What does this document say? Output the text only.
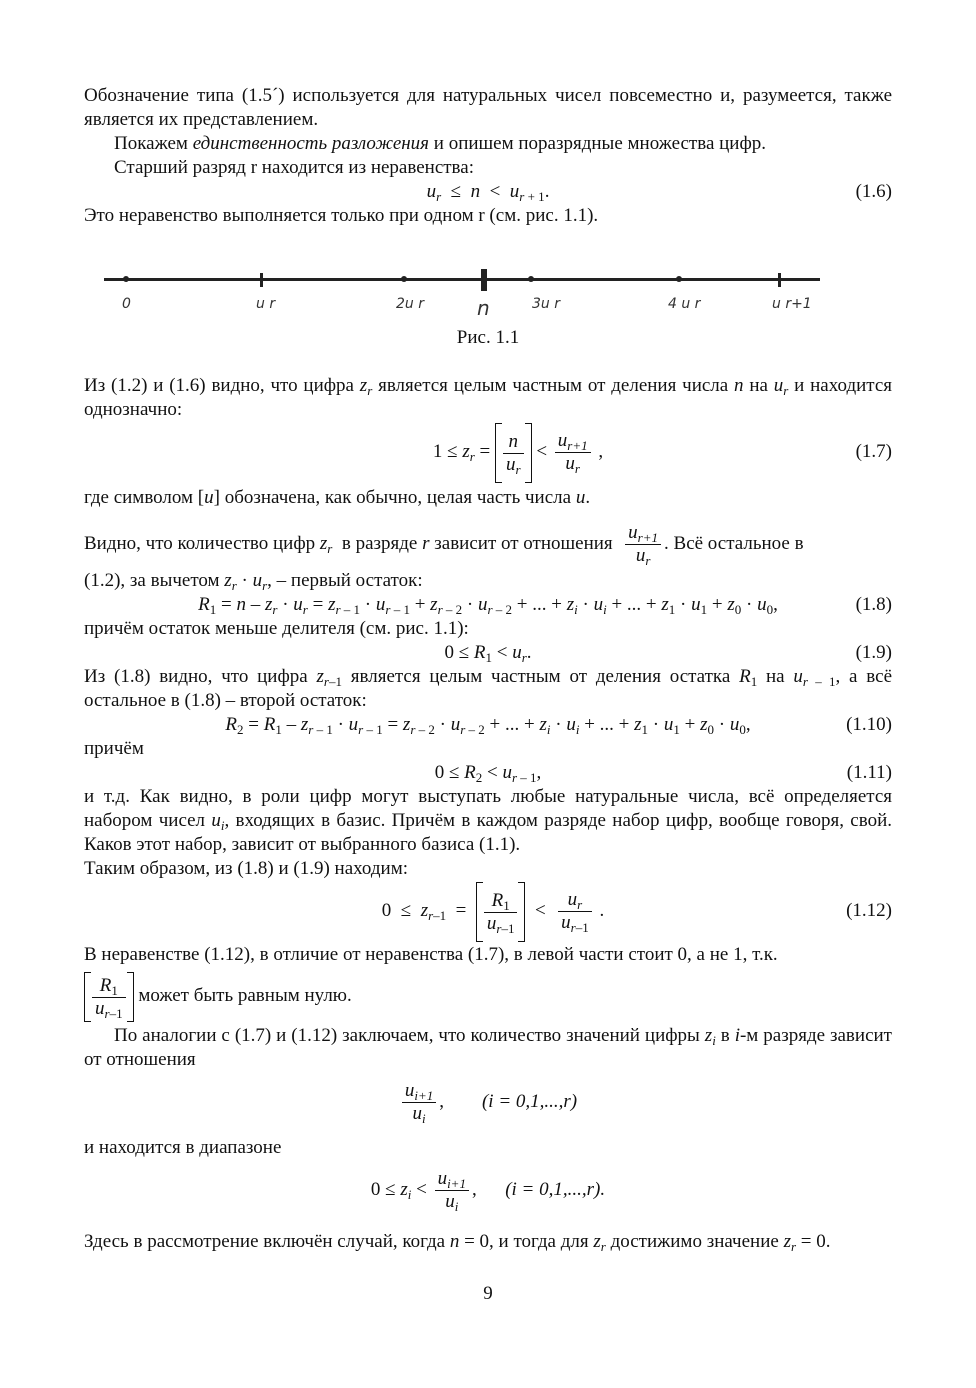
Обозначение типа (1.5´) используется для натуральных чисел повсеместно и, разумеется, также является их представлением.

Покажем единственность разложения и опишем поразрядные множества цифр.

Старший разряд r находится из неравенства:

$u_r \le n < u_{r + 1}$.	(1.6)

Это неравенство выполняется только при одном r (см. рис. 1.1).

0	u r	2u r	n	3u r	4 u r	u r+1
Рис. 1.1

Из (1.2) и (1.6) видно, что цифра $z_r$ является целым частным от деления числа n на $u_r$ и находится однозначно:

$1 \le z_r = \frac{n}{u_r} < \frac{u_{r+1}}{u_r}$ ,	(1.7)

где символом [u] обозначена, как обычно, целая часть числа u.

Видно, что количество цифр $z_r$  в разряде r зависит от отношения $\frac{u_{r+1}}{u_r}$ . Всё остальное в

(1.2), за вычетом $z_r \cdot u_r$, – первый остаток:

$R_1 = n - z_r \cdot u_r = z_r$ $_{- 1} \cdot u_r$ $_{- 1} + z_r$ $_{- 2} \cdot u_r$ $_{- 2}$ + ... + $z_i \cdot u_i$ + ... + $z_1 \cdot u_1 + z_0 \cdot u_0$,	(1.8)

причём остаток меньше делителя (см. рис. 1.1):

$0 \le R_1 < u_r$.	(1.9)

Из (1.8) видно, что цифра $z_{r-1}$ является целым частным от деления остатка $R_1$ на $u_r$ $_{- 1}$, а всё остальное в (1.8) – второй остаток:

$R_2 = R_1 - z_r$ $_{- 1} \cdot u_r$ $_{- 1} = z_r$ $_{- 2} \cdot u_r$ $_{- 2}$ + ... + $z_i \cdot u_i$ + ... + $z_1 \cdot u_1 + z_0 \cdot u_0$,	(1.10)

причём

$0 \le R_2 < u_r$ $_{- 1}$,	(1.11)

и т.д. Как видно, в роли цифр могут выступать любые натуральные числа, всё определяется набором чисел $u_i$, входящих в базис. Причём в каждом разряде набор цифр, вообще говоря, свой. Каков этот набор, зависит от выбранного базиса (1.1).

Таким образом, из (1.8) и (1.9) находим:

$0 \le z_{r-1} = \frac{R_1}{u_{r-1}} < \frac{u_r}{u_{r-1}}$ .	(1.12)

В неравенстве (1.12), в отличие от неравенства (1.7), в левой части стоит 0, а не 1, т.к.

$\frac{R_1}{u_{r-1}}$ может быть равным нулю.

По аналогии с (1.7) и (1.12) заключаем, что количество значений цифры $z_i$ в i-м разряде зависит от отношения

$\frac{u_{i+1}}{u_i}$ ,        (i = 0,1,...,r)

и находится в диапазоне

$0 \le z_i < \frac{u_{i+1}}{u_i}$ ,      (i = 0,1,...,r).

Здесь в рассмотрение включён случай, когда n = 0, и тогда для $z_r$ достижимо значение $z_r = 0$.

9
